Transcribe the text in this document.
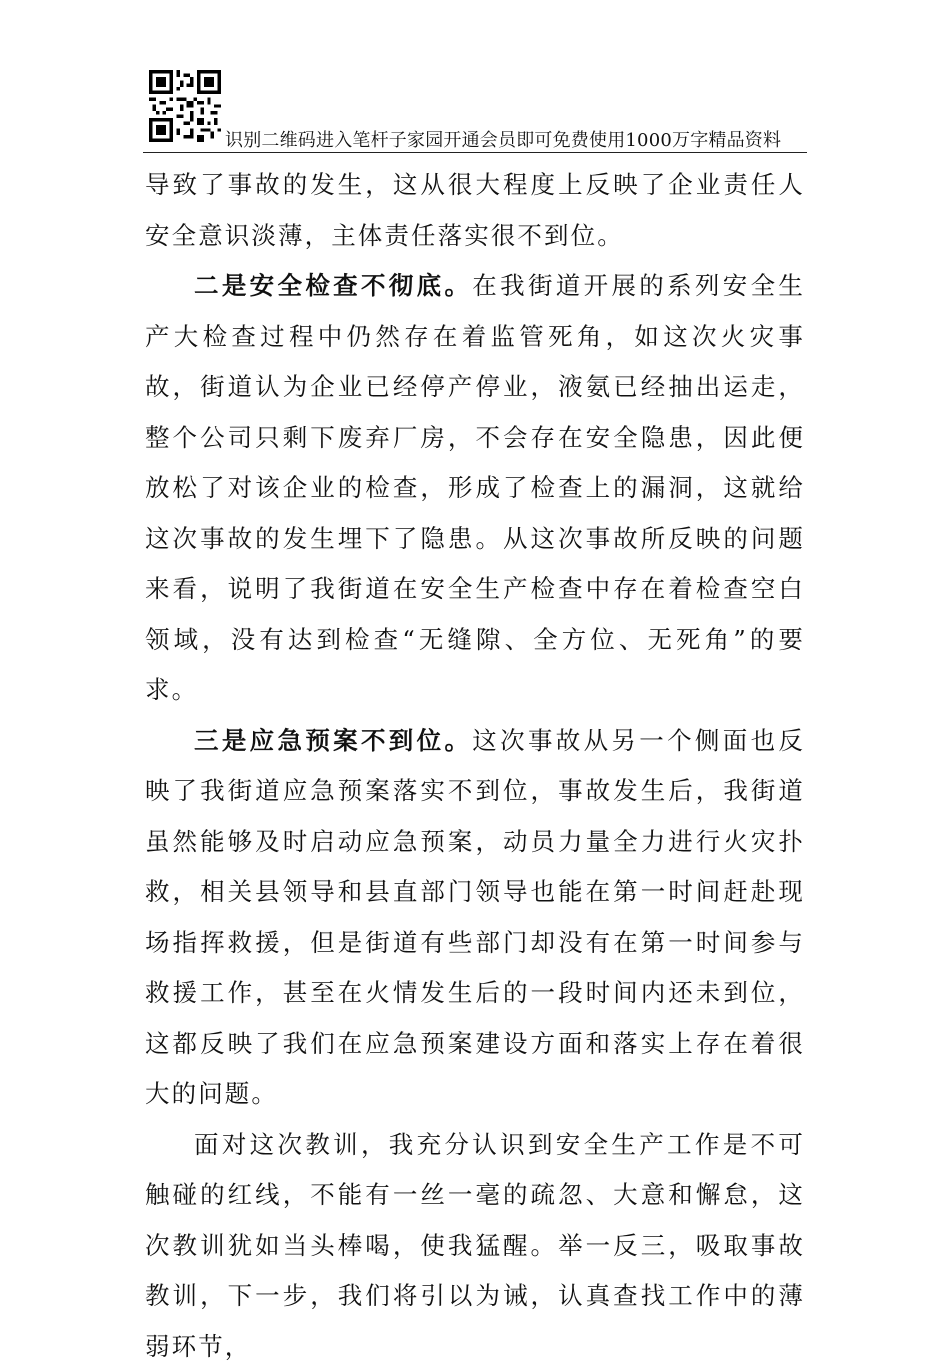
识别二维码进入笔杆子家园开通会员即可免费使用1000万字精品资料

导致了事故的发生，这从很大程度上反映了企业责任人安全意识淡薄，主体责任落实很不到位。

二是安全检查不彻底。在我街道开展的系列安全生产大检查过程中仍然存在着监管死角，如这次火灾事故，街道认为企业已经停产停业，液氨已经抽出运走，整个公司只剩下废弃厂房，不会存在安全隐患，因此便放松了对该企业的检查，形成了检查上的漏洞，这就给这次事故的发生埋下了隐患。从这次事故所反映的问题来看，说明了我街道在安全生产检查中存在着检查空白领域，没有达到检查“无缝隙、全方位、无死角”的要求。

三是应急预案不到位。这次事故从另一个侧面也反映了我街道应急预案落实不到位，事故发生后，我街道虽然能够及时启动应急预案，动员力量全力进行火灾扑救，相关县领导和县直部门领导也能在第一时间赶赴现场指挥救援，但是街道有些部门却没有在第一时间参与救援工作，甚至在火情发生后的一段时间内还未到位，这都反映了我们在应急预案建设方面和落实上存在着很大的问题。

面对这次教训，我充分认识到安全生产工作是不可触碰的红线，不能有一丝一毫的疏忽、大意和懈怠，这次教训犹如当头棒喝，使我猛醒。举一反三，吸取事故教训，下一步，我们将引以为诫，认真查找工作中的薄弱环节，
